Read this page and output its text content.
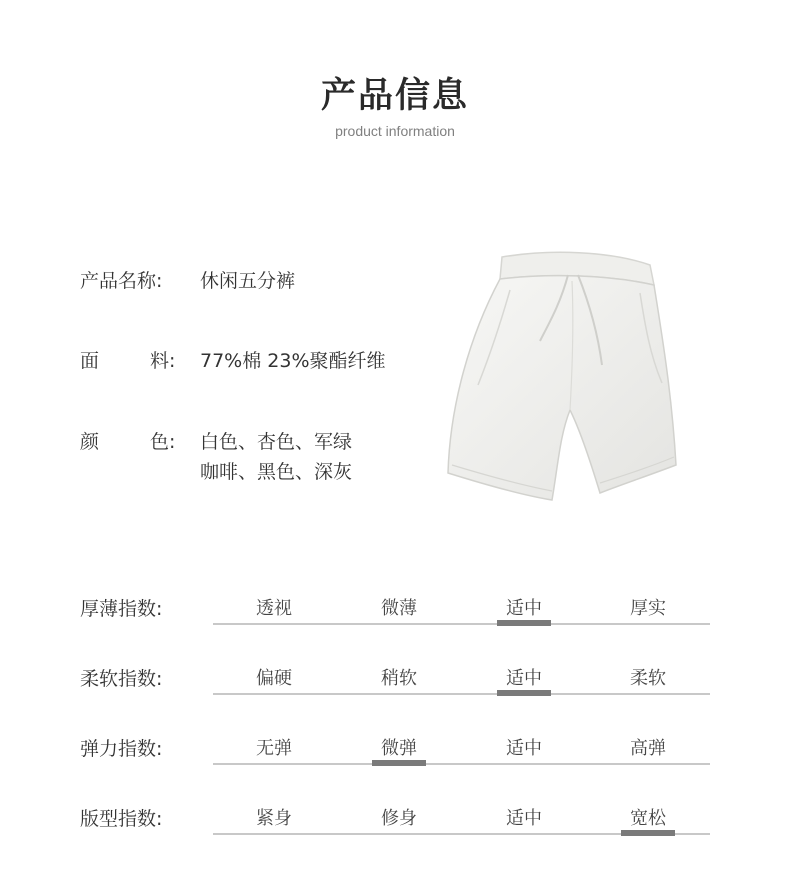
产品信息
product information
产品名称:	休闲五分裤
面	料: 77%棉 23%聚酯纤维
颜	色: 白色、杏色、军绿
咖啡、黑色、深灰
厚薄指数:	透视	微薄	适中	厚实
柔软指数:	偏硬	稍软	适中	柔软
弹力指数:	无弹	微弹	适中	高弹
版型指数:	紧身	修身	适中	宽松
